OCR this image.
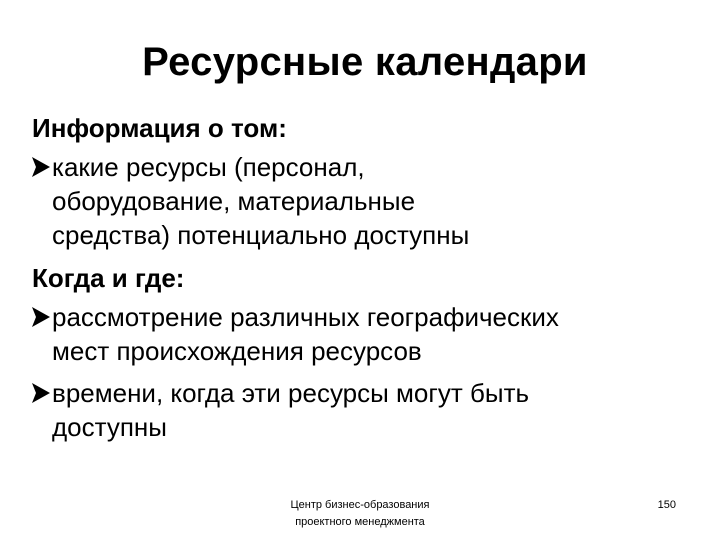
Ресурсные календари
Информация о том:
какие ресурсы (персонал, оборудование, материальные средства) потенциально доступны
Когда и где:
рассмотрение различных географических мест происхождения ресурсов
времени, когда эти ресурсы могут быть доступны
Центр бизнес-образования
проектного менеджмента
150
